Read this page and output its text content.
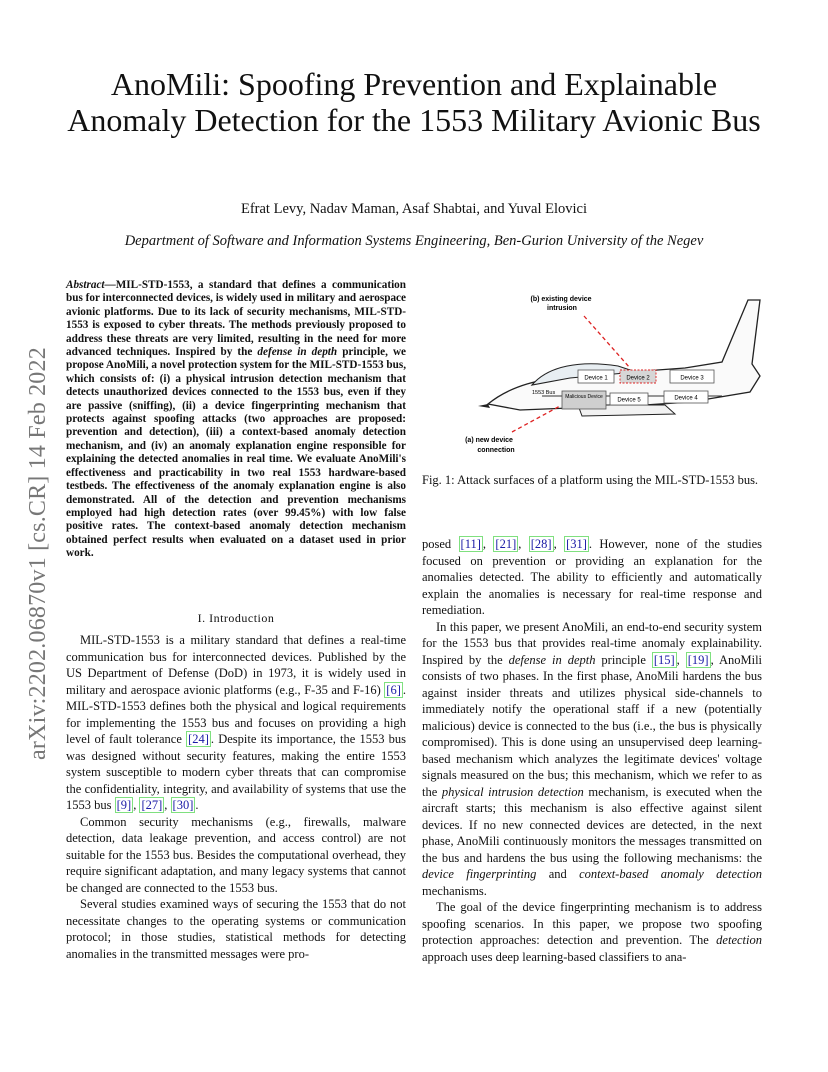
AnoMili: Spoofing Prevention and Explainable Anomaly Detection for the 1553 Military Avionic Bus
Efrat Levy, Nadav Maman, Asaf Shabtai, and Yuval Elovici
Department of Software and Information Systems Engineering, Ben-Gurion University of the Negev
arXiv:2202.06870v1 [cs.CR] 14 Feb 2022
Abstract—MIL-STD-1553, a standard that defines a communication bus for interconnected devices, is widely used in military and aerospace avionic platforms. Due to its lack of security mechanisms, MIL-STD-1553 is exposed to cyber threats. The methods previously proposed to address these threats are very limited, resulting in the need for more advanced techniques. Inspired by the defense in depth principle, we propose AnoMili, a novel protection system for the MIL-STD-1553 bus, which consists of: (i) a physical intrusion detection mechanism that detects unauthorized devices connected to the 1553 bus, even if they are passive (sniffing), (ii) a device fingerprinting mechanism that protects against spoofing attacks (two approaches are proposed: prevention and detection), (iii) a context-based anomaly detection mechanism, and (iv) an anomaly explanation engine responsible for explaining the detected anomalies in real time. We evaluate AnoMili's effectiveness and practicability in two real 1553 hardware-based testbeds. The effectiveness of the anomaly explanation engine is also demonstrated. All of the detection and prevention mechanisms employed had high detection rates (over 99.45%) with low false positive rates. The context-based anomaly detection mechanism obtained perfect results when evaluated on a dataset used in prior work.
I. Introduction

MIL-STD-1553 is a military standard that defines a real-time communication bus for interconnected devices. Published by the US Department of Defense (DoD) in 1973, it is widely used in military and aerospace avionic platforms (e.g., F-35 and F-16) [6] . MIL-STD-1553 defines both the physical and logical requirements for implementing the 1553 bus and focuses on providing a high level of fault tolerance [24] . Despite its importance, the 1553 bus was designed without security features, making the entire 1553 system susceptible to modern cyber threats that can compromise the confidentiality, integrity, and availability of systems that use the 1553 bus [9] , [27] , [30] .

Common security mechanisms (e.g., firewalls, malware detection, data leakage prevention, and access control) are not suitable for the 1553 bus. Besides the computational overhead, they require significant adaptation, and many legacy systems that cannot be changed are connected to the 1553 bus.

Several studies examined ways of securing the 1553 that do not necessitate changes to the operating systems or communication protocol; in those studies, statistical methods for detecting anomalies in the transmitted messages were pro-

Device 1	Device 2	Device 3
Malicious Device
Device 5	Device 4
1553 Bus
(b) existing device intrusion
(a) new device connection
Fig. 1: Attack surfaces of a platform using the MIL-STD-1553 bus.

posed [11] , [21] , [28] , [31] . However, none of the studies focused on prevention or providing an explanation for the anomalies detected. The ability to efficiently and automatically explain the anomalies is necessary for real-time response and remediation.

In this paper, we present AnoMili, an end-to-end security system for the 1553 bus that provides real-time anomaly explainability. Inspired by the defense in depth principle [15] , [19] , AnoMili consists of two phases. In the first phase, AnoMili hardens the bus against insider threats and utilizes physical side-channels to immediately notify the operational staff if a new (potentially malicious) device is connected to the bus (i.e., the bus is physically compromised). This is done using an unsupervised deep learning-based mechanism which analyzes the legitimate devices' voltage signals measured on the bus; this mechanism, which we refer to as the physical intrusion detection mechanism, is executed when the aircraft starts; this mechanism is also effective against silent devices. If no new connected devices are detected, in the next phase, AnoMili continuously monitors the messages transmitted on the bus and hardens the bus using the following mechanisms: the device fingerprinting and context-based anomaly detection mechanisms.

The goal of the device fingerprinting mechanism is to address spoofing scenarios. In this paper, we propose two spoofing protection approaches: detection and prevention. The detection approach uses deep learning-based classifiers to ana-
